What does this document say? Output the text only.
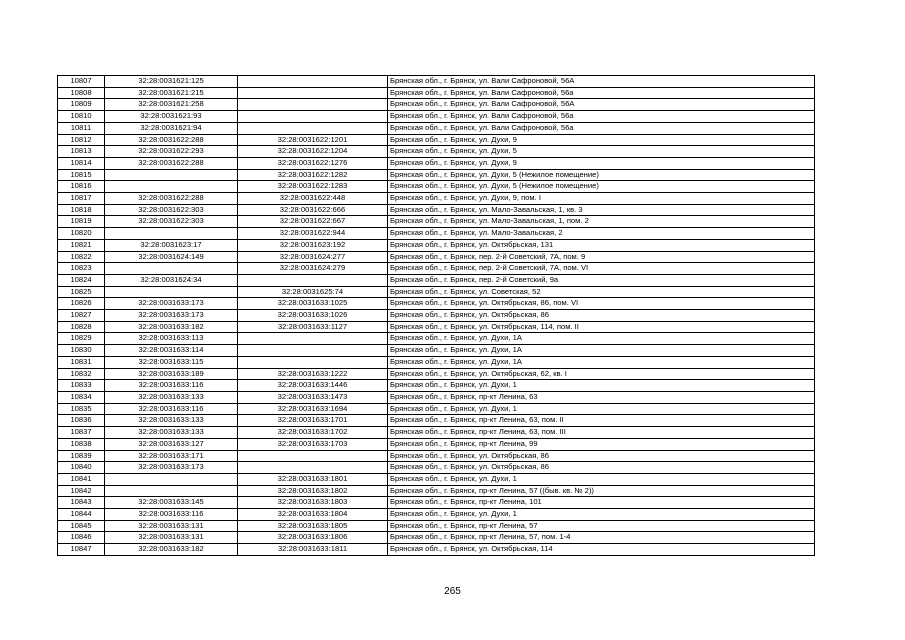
10807	32:28:0031621:125		Брянская обл., г. Брянск, ул. Вали Сафроновой, 56А
10808	32:28:0031621:215		Брянская обл., г. Брянск, ул. Вали Сафроновой, 56а
10809	32:28:0031621:258		Брянская обл., г. Брянск, ул. Вали Сафроновой, 56А
10810	32:28:0031621:93		Брянская обл., г. Брянск, ул. Вали Сафроновой, 56а
10811	32:28:0031621:94		Брянская обл., г. Брянск, ул. Вали Сафроновой, 56а
10812	32:28:0031622:288	32:28:0031622:1201	Брянская обл., г. Брянск, ул. Духи, 9
10813	32:28:0031622:293	32:28:0031622:1204	Брянская обл., г. Брянск, ул. Духи, 5
10814	32:28:0031622:288	32:28:0031622:1276	Брянская обл., г. Брянск, ул. Духи, 9
10815		32:28:0031622:1282	Брянская обл., г. Брянск, ул. Духи, 5 (Нежилое помещение)
10816		32:28:0031622:1283	Брянская обл., г. Брянск, ул. Духи, 5 (Нежилое помещение)
10817	32:28:0031622:288	32:28:0031622:448	Брянская обл., г. Брянск, ул. Духи, 9, пом. I
10818	32:28:0031622:303	32:28:0031622:666	Брянская обл., г. Брянск, ул. Мало-Завальская, 1, кв. 3
10819	32:28:0031622:303	32:28:0031622:667	Брянская обл., г. Брянск, ул. Мало-Завальская, 1, пом. 2
10820		32:28:0031622:944	Брянская обл., г. Брянск, ул. Мало-Завальская, 2
10821	32:28:0031623:17	32:28:0031623:192	Брянская обл., г. Брянск, ул. Октябрьская, 131
10822	32:28:0031624:149	32:28:0031624:277	Брянская обл., г. Брянск, пер. 2-й Советский, 7А, пом. 9
10823		32:28:0031624:279	Брянская обл., г. Брянск, пер. 2-й Советский, 7А, пом. VI
10824	32:28:0031624:34		Брянская обл., г. Брянск, пер. 2-й Советский, 9а
10825		32:28:0031625:74	Брянская обл., г. Брянск, ул. Советская, 52
10826	32:28:0031633:173	32:28:0031633:1025	Брянская обл., г. Брянск, ул. Октябрьская, 86, пом. VI
10827	32:28:0031633:173	32:28:0031633:1026	Брянская обл., г. Брянск, ул. Октябрьская, 86
10828	32:28:0031633:182	32:28:0031633:1127	Брянская обл., г. Брянск, ул. Октябрьская, 114, пом. II
10829	32:28:0031633:113		Брянская обл., г. Брянск, ул. Духи, 1А
10830	32:28:0031633:114		Брянская обл., г. Брянск, ул. Духи, 1А
10831	32:28:0031633:115		Брянская обл., г. Брянск, ул. Духи, 1А
10832	32:28:0031633:189	32:28:0031633:1222	Брянская обл., г. Брянск, ул. Октябрьская, 62, кв. I
10833	32:28:0031633:116	32:28:0031633:1446	Брянская обл., г. Брянск, ул. Духи, 1
10834	32:28:0031633:133	32:28:0031633:1473	Брянская обл., г. Брянск, пр-кт Ленина, 63
10835	32:28:0031633:116	32:28:0031633:1694	Брянская обл., г. Брянск, ул. Духи, 1
10836	32:28:0031633:133	32:28:0031633:1701	Брянская обл., г. Брянск, пр-кт Ленина, 63, пом. II
10837	32:28:0031633:133	32:28:0031633:1702	Брянская обл., г. Брянск, пр-кт Ленина, 63, пом. III
10838	32:28:0031633:127	32:28:0031633:1703	Брянская обл., г. Брянск, пр-кт Ленина, 99
10839	32:28:0031633:171		Брянская обл., г. Брянск, ул. Октябрьская, 86
10840	32:28:0031633:173		Брянская обл., г. Брянск, ул. Октябрьская, 86
10841		32:28:0031633:1801	Брянская обл., г. Брянск, ул. Духи, 1
10842		32:28:0031633:1802	Брянская обл., г. Брянск, пр-кт Ленина, 57 ((быв. кв. № 2))
10843	32:28:0031633:145	32:28:0031633:1803	Брянская обл., г. Брянск, пр-кт Ленина, 101
10844	32:28:0031633:116	32:28:0031633:1804	Брянская обл., г. Брянск, ул. Духи, 1
10845	32:28:0031633:131	32:28:0031633:1805	Брянская обл., г. Брянск, пр-кт Ленина, 57
10846	32:28:0031633:131	32:28:0031633:1806	Брянская обл., г. Брянск, пр-кт Ленина, 57, пом. 1-4
10847	32:28:0031633:182	32:28:0031633:1811	Брянская обл., г. Брянск, ул. Октябрьская, 114
265
